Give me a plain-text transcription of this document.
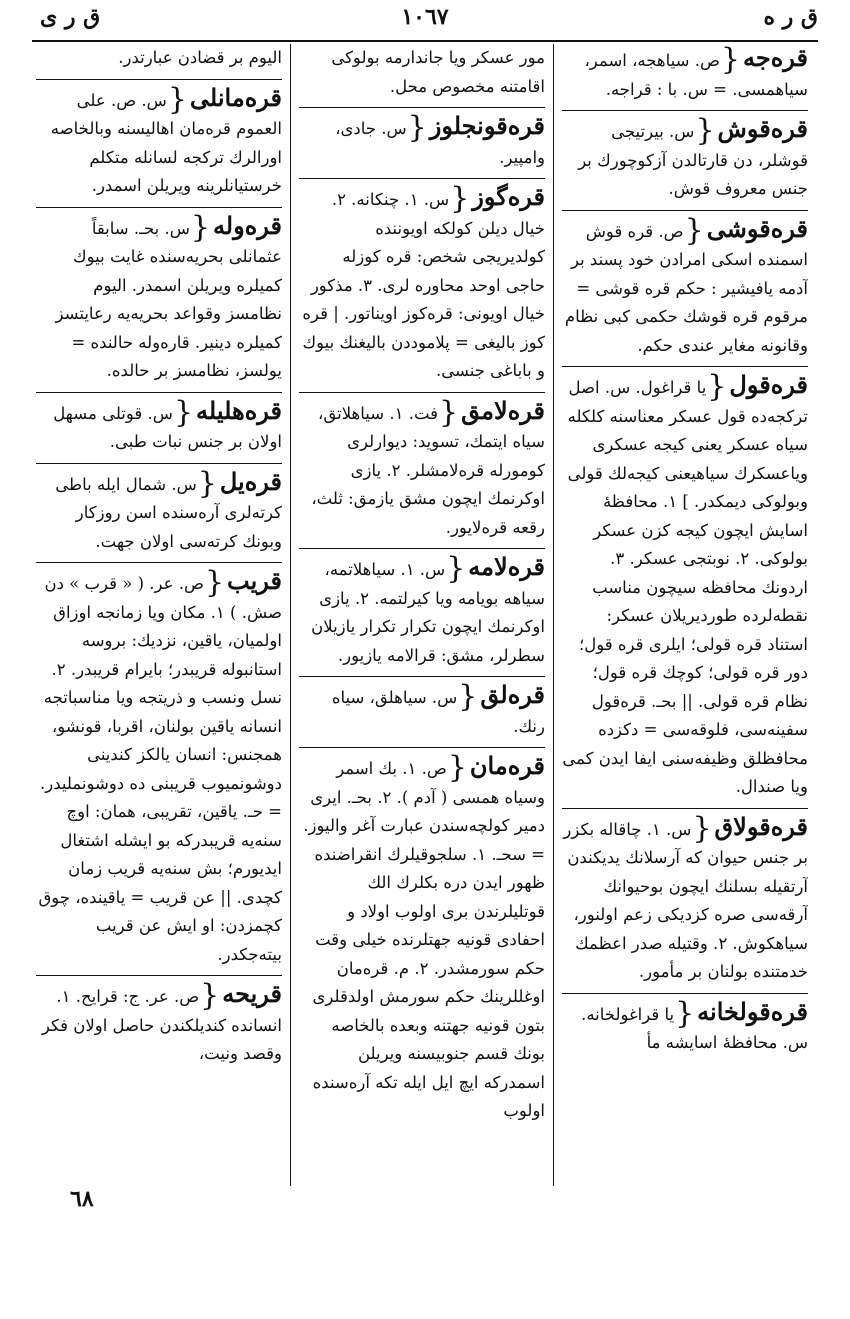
ق ر ه
١٠٦٧
ق ر ى
قره‌جه{ص. سیاهجه، اسمر، سیاهمسی. = س. با : قراجه.
قره‌قوش{س. بیرتیجی قوشلر، دن قارتالدن آزکوچورك بر جنس معروف قوش.
قره‌قوشی{ص. قره قوش اسمنده اسکی امرادن خود پسند بر آدمه یافیشیر : حکم قره قوشی = مرقوم قره قوشك حکمی کبی نظام وقانونه مغایر عندی حکم.
قره‌قول{یا قراغول. س. اصل ترکجه‌ده قول عسکر معناسنه کلکله سیاه عسکر یعنی کیجه عسکری ویاعسکرك سیاهیعنی کیجه‌لك قولی وبولوکی دیمکدر. ] ١. محافظهٔ اسایش ایچون کیجه کزن عسکر بولوکی. ٢. نوبتجی عسکر. ٣. اردونك محافظه سیچون مناسب نقطه‌لرده طوردیریلان عسکر: استناد قره قولی؛ ایلری قره قول؛ دور قره قولی؛ کوچك قره قول؛ نظام قره قولی. || بحـ. قره‌قول سفینه‌سی، فلوقه‌سی = دکزده محافظلق وظیفه‌سنی ایفا ایدن کمی ویا صندال.
قره‌قولاق{س. ١. چاقاله بکزر بر جنس حیوان که آرسلانك یدیکندن آرتقیله بسلنك ایچون بوحیوانك آرقه‌سی صره کزدیکی زعم اولنور، سیاهکوش. ٢. وقتیله صدر اعظمك خدمتنده بولنان بر مأمور.
قره‌قولخانه{یا قراغولخانه. س. محافظهٔ اسایشه مأ
مور عسکر ویا جاندارمه بولوکی اقامتنه مخصوص محل.
قره‌قونجلوز{س. جادی، وامپیر.
قره‌گوز{س. ١. چنکانه. ٢. خیال دیلن کولکه اویوننده کولدیریجی شخص: قره کوزله حاجی اوحد محاوره لری. ٣. مذکور خیال اویونی: قره‌کوز اویناتور. | قره کوز بالیغی = پلاموددن بالیغنك بیوك و باباغی جنسی.
قره‌لامق{فت. ١. سیاهلاتق، سیاه ایتمك، تسوید: دیوارلری کومورله قره‌لامشلر. ٢. یازی اوکرنمك ایچون مشق یازمق: ثلث، رقعه قره‌لایور.
قره‌لامه{س. ١. سیاهلاتمه، سیاهه بویامه ویا کیرلتمه. ٢. یازی اوکرنمك ایچون تکرار تکرار یازیلان سطرلر، مشق: قرالامه یازیور.
قره‌لق{س. سیاهلق، سیاه رنك.
قره‌مان{ص. ١. بك اسمر وسیاه همسی ( آدم ). ٢. بحـ. ایری دمیر کولچه‌سندن عبارت آغر والیوز. = سحـ. ١. سلجوقیلرك انقراضنده ظهور ایدن دره بکلرك الك قوتلیلرندن بری اولوب اولاد و احفادی قونیه جهتلرنده خیلی وقت حکم سورمشدر. ٢. م. قره‌مان اوغللرینك حکم سورمش اولدقلری بتون قونیه جهتنه وبعده بالخاصه بونك قسم جنوبیسنه ویریلن اسمدرکه ایچ ایل ایله تکه آره‌سنده اولوب
الیوم بر قضادن عبارتدر.
قره‌مانلی{س. ص. علی العموم قره‌مان اهالیسنه وبالخاصه اورالرك ترکجه لسانله متکلم خرستیانلرینه ویریلن اسمدر.
قره‌وله{س. بحـ. سابقاً عثمانلی بحریه‌سنده غایت بیوك کمیلره ویریلن اسمدر. الیوم نظامسز وقواعد بحریه‌یه رعایتسز کمیلره دینیر. قاره‌وله حالنده = یولسز، نظامسز بر حالده.
قره‌هلیله{س. قوتلی مسهل اولان بر جنس نبات طبی.
قره‌یل{س. شمال ایله باطی کرته‌لری آره‌سنده اسن روزکار وبونك کرته‌سی اولان جهت.
قریب{ص. عر. ( « قرب » دن صش. ) ١. مکان ویا زمانجه اوزاق اولمیان، یاقین، نزدیك: بروسه استانبوله قریبدر؛ بایرام قریبدر. ٢. نسل ونسب و ذریتجه ویا مناسباتجه انسانه یاقین بولنان، اقربا، قونشو، همجنس: انسان یالکز کندینی دوشونمیوب قریبنی ده دوشونملیدر. = حـ. یاقین، تقریبی، همان: اوچ سنه‌یه قریبدرکه بو ایشله اشتغال ایدیورم؛ بش سنه‌یه قریب زمان کچدی. || عن قریب = یاقینده، چوق کچمزدن: او ایش عن قریب بیته‌جکدر.
قریحه{ص. عر. ج: قرایح. ١. انسانده کندیلکندن حاصل اولان فکر وقصد ونیت،
٦٨
